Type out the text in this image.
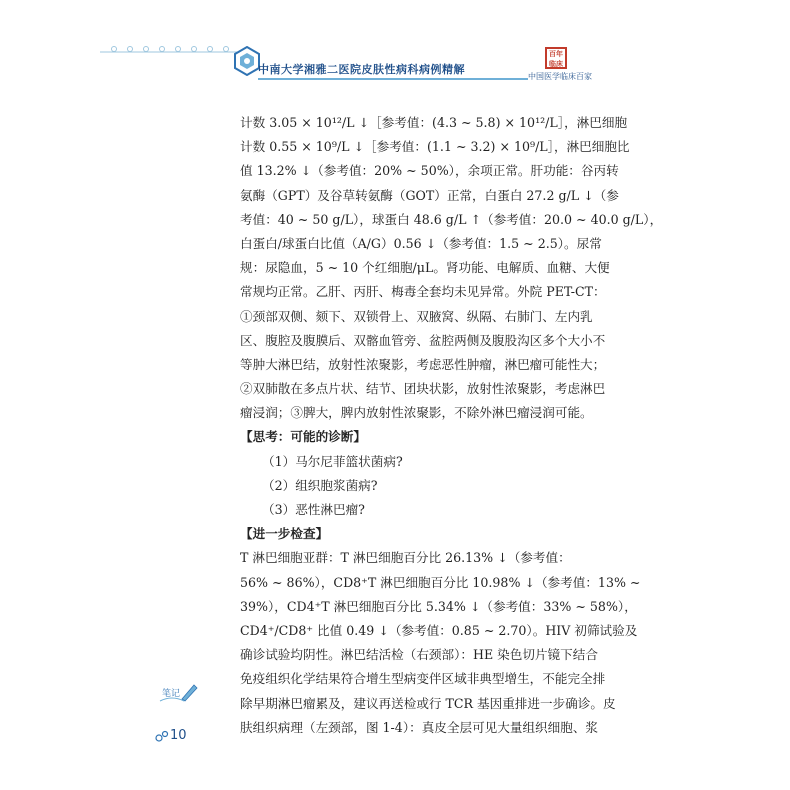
中南大学湘雅二医院皮肤性病科病例精解
百年临床
中国医学临床百家
计数 3.05 × 10¹²/L ↓［参考值：(4.3 ~ 5.8) × 10¹²/L］，淋巴细胞
计数 0.55 × 10⁹/L ↓［参考值：(1.1 ~ 3.2) × 10⁹/L］，淋巴细胞比
值 13.2% ↓（参考值：20% ~ 50%），余项正常。肝功能：谷丙转
氨酶（GPT）及谷草转氨酶（GOT）正常，白蛋白 27.2 g/L ↓（参
考值：40 ~ 50 g/L），球蛋白 48.6 g/L ↑（参考值：20.0 ~ 40.0 g/L），
白蛋白/球蛋白比值（A/G）0.56 ↓（参考值：1.5 ~ 2.5）。尿常
规：尿隐血，5 ~ 10 个红细胞/μL。肾功能、电解质、血糖、大便
常规均正常。乙肝、丙肝、梅毒全套均未见异常。外院 PET-CT：
①颈部双侧、颏下、双锁骨上、双腋窝、纵隔、右肺门、左内乳
区、腹腔及腹膜后、双髂血管旁、盆腔两侧及腹股沟区多个大小不
等肿大淋巴结，放射性浓聚影，考虑恶性肿瘤，淋巴瘤可能性大；
②双肺散在多点片状、结节、团块状影，放射性浓聚影，考虑淋巴
瘤浸润；③脾大，脾内放射性浓聚影，不除外淋巴瘤浸润可能。
【思考：可能的诊断】
（1）马尔尼菲篮状菌病?
（2）组织胞浆菌病?
（3）恶性淋巴瘤?
【进一步检查】
T 淋巴细胞亚群：T 淋巴细胞百分比 26.13% ↓（参考值：
56% ~ 86%），CD8⁺T 淋巴细胞百分比 10.98% ↓（参考值：13% ~
39%），CD4⁺T 淋巴细胞百分比 5.34% ↓（参考值：33% ~ 58%），
CD4⁺/CD8⁺ 比值 0.49 ↓（参考值：0.85 ~ 2.70）。HIV 初筛试验及
确诊试验均阴性。淋巴结活检（右颈部）：HE 染色切片镜下结合
免疫组织化学结果符合增生型病变伴区域非典型增生，不能完全排
除早期淋巴瘤累及，建议再送检或行 TCR 基因重排进一步确诊。皮
肤组织病理（左颈部，图 1-4）：真皮全层可见大量组织细胞、浆
笔记
10
